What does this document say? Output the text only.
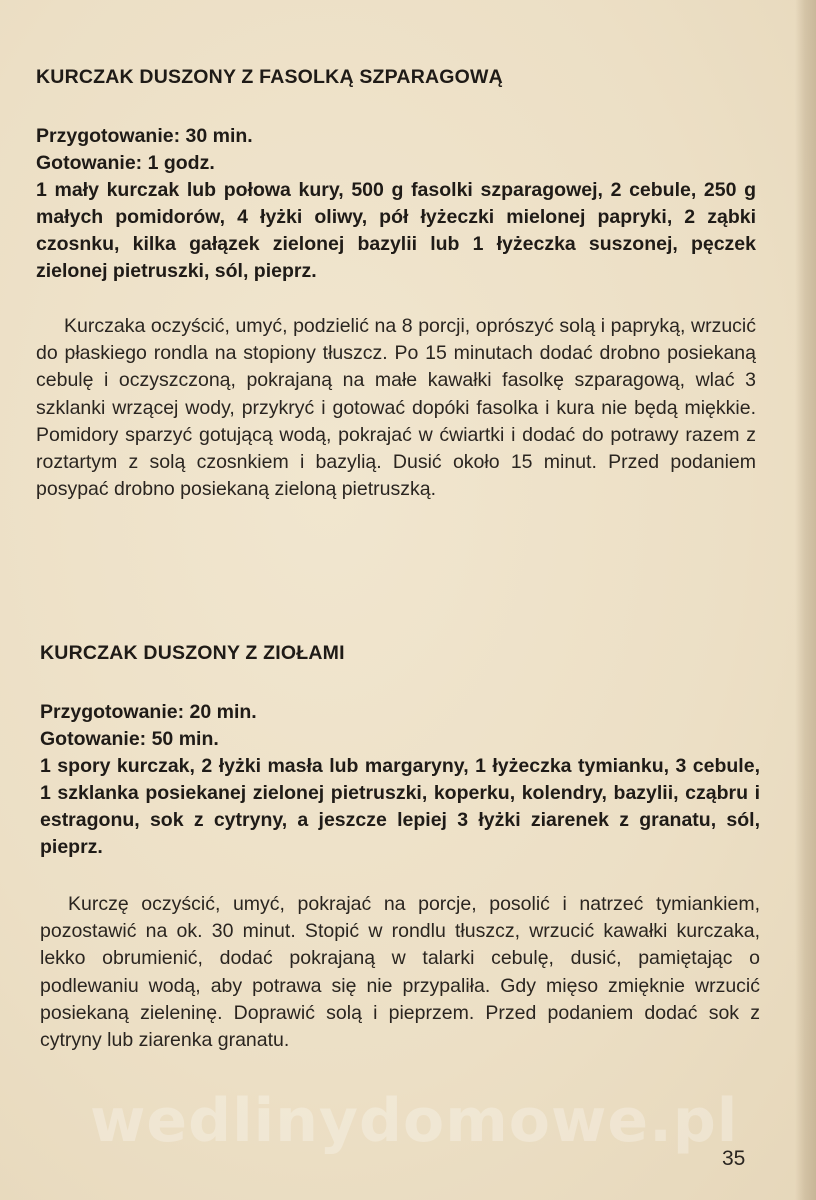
KURCZAK DUSZONY Z FASOLKĄ SZPARAGOWĄ

Przygotowanie: 30 min.

Gotowanie: 1 godz.

1 mały kurczak lub połowa kury, 500 g fasolki szparagowej, 2 cebule, 250 g małych pomidorów, 4 łyżki oliwy, pół łyżeczki mielonej papryki, 2 ząbki czosnku, kilka gałązek zielonej bazylii lub 1 łyżeczka suszonej, pęczek zielonej pietruszki, sól, pieprz.

Kurczaka oczyścić, umyć, podzielić na 8 porcji, oprószyć solą i papryką, wrzucić do płaskiego rondla na stopiony tłuszcz. Po 15 minutach dodać drobno posiekaną cebulę i oczyszczoną, pokrajaną na małe kawałki fasolkę szparagową, wlać 3 szklanki wrzącej wody, przykryć i gotować dopóki fasolka i kura nie będą miękkie. Pomidory sparzyć gotującą wodą, pokrajać w ćwiartki i dodać do potrawy razem z roztartym z solą czosnkiem i bazylią. Dusić około 15 minut. Przed podaniem posypać drobno posiekaną zieloną pietruszką.

KURCZAK DUSZONY Z ZIOŁAMI

Przygotowanie: 20 min.

Gotowanie: 50 min.

1 spory kurczak, 2 łyżki masła lub margaryny, 1 łyżeczka tymianku, 3 cebule, 1 szklanka posiekanej zielonej pietruszki, koperku, kolendry, bazylii, cząbru i estragonu, sok z cytryny, a jeszcze lepiej 3 łyżki ziarenek z granatu, sól, pieprz.

Kurczę oczyścić, umyć, pokrajać na porcje, posolić i natrzeć tymiankiem, pozostawić na ok. 30 minut. Stopić w rondlu tłuszcz, wrzucić kawałki kurczaka, lekko obrumienić, dodać pokrajaną w talarki cebulę, dusić, pamiętając o podlewaniu wodą, aby potrawa się nie przypaliła. Gdy mięso zmięknie wrzucić posiekaną zieleninę. Doprawić solą i pieprzem. Przed podaniem dodać sok z cytryny lub ziarenka granatu.

wedlinydomowe.pl
35
